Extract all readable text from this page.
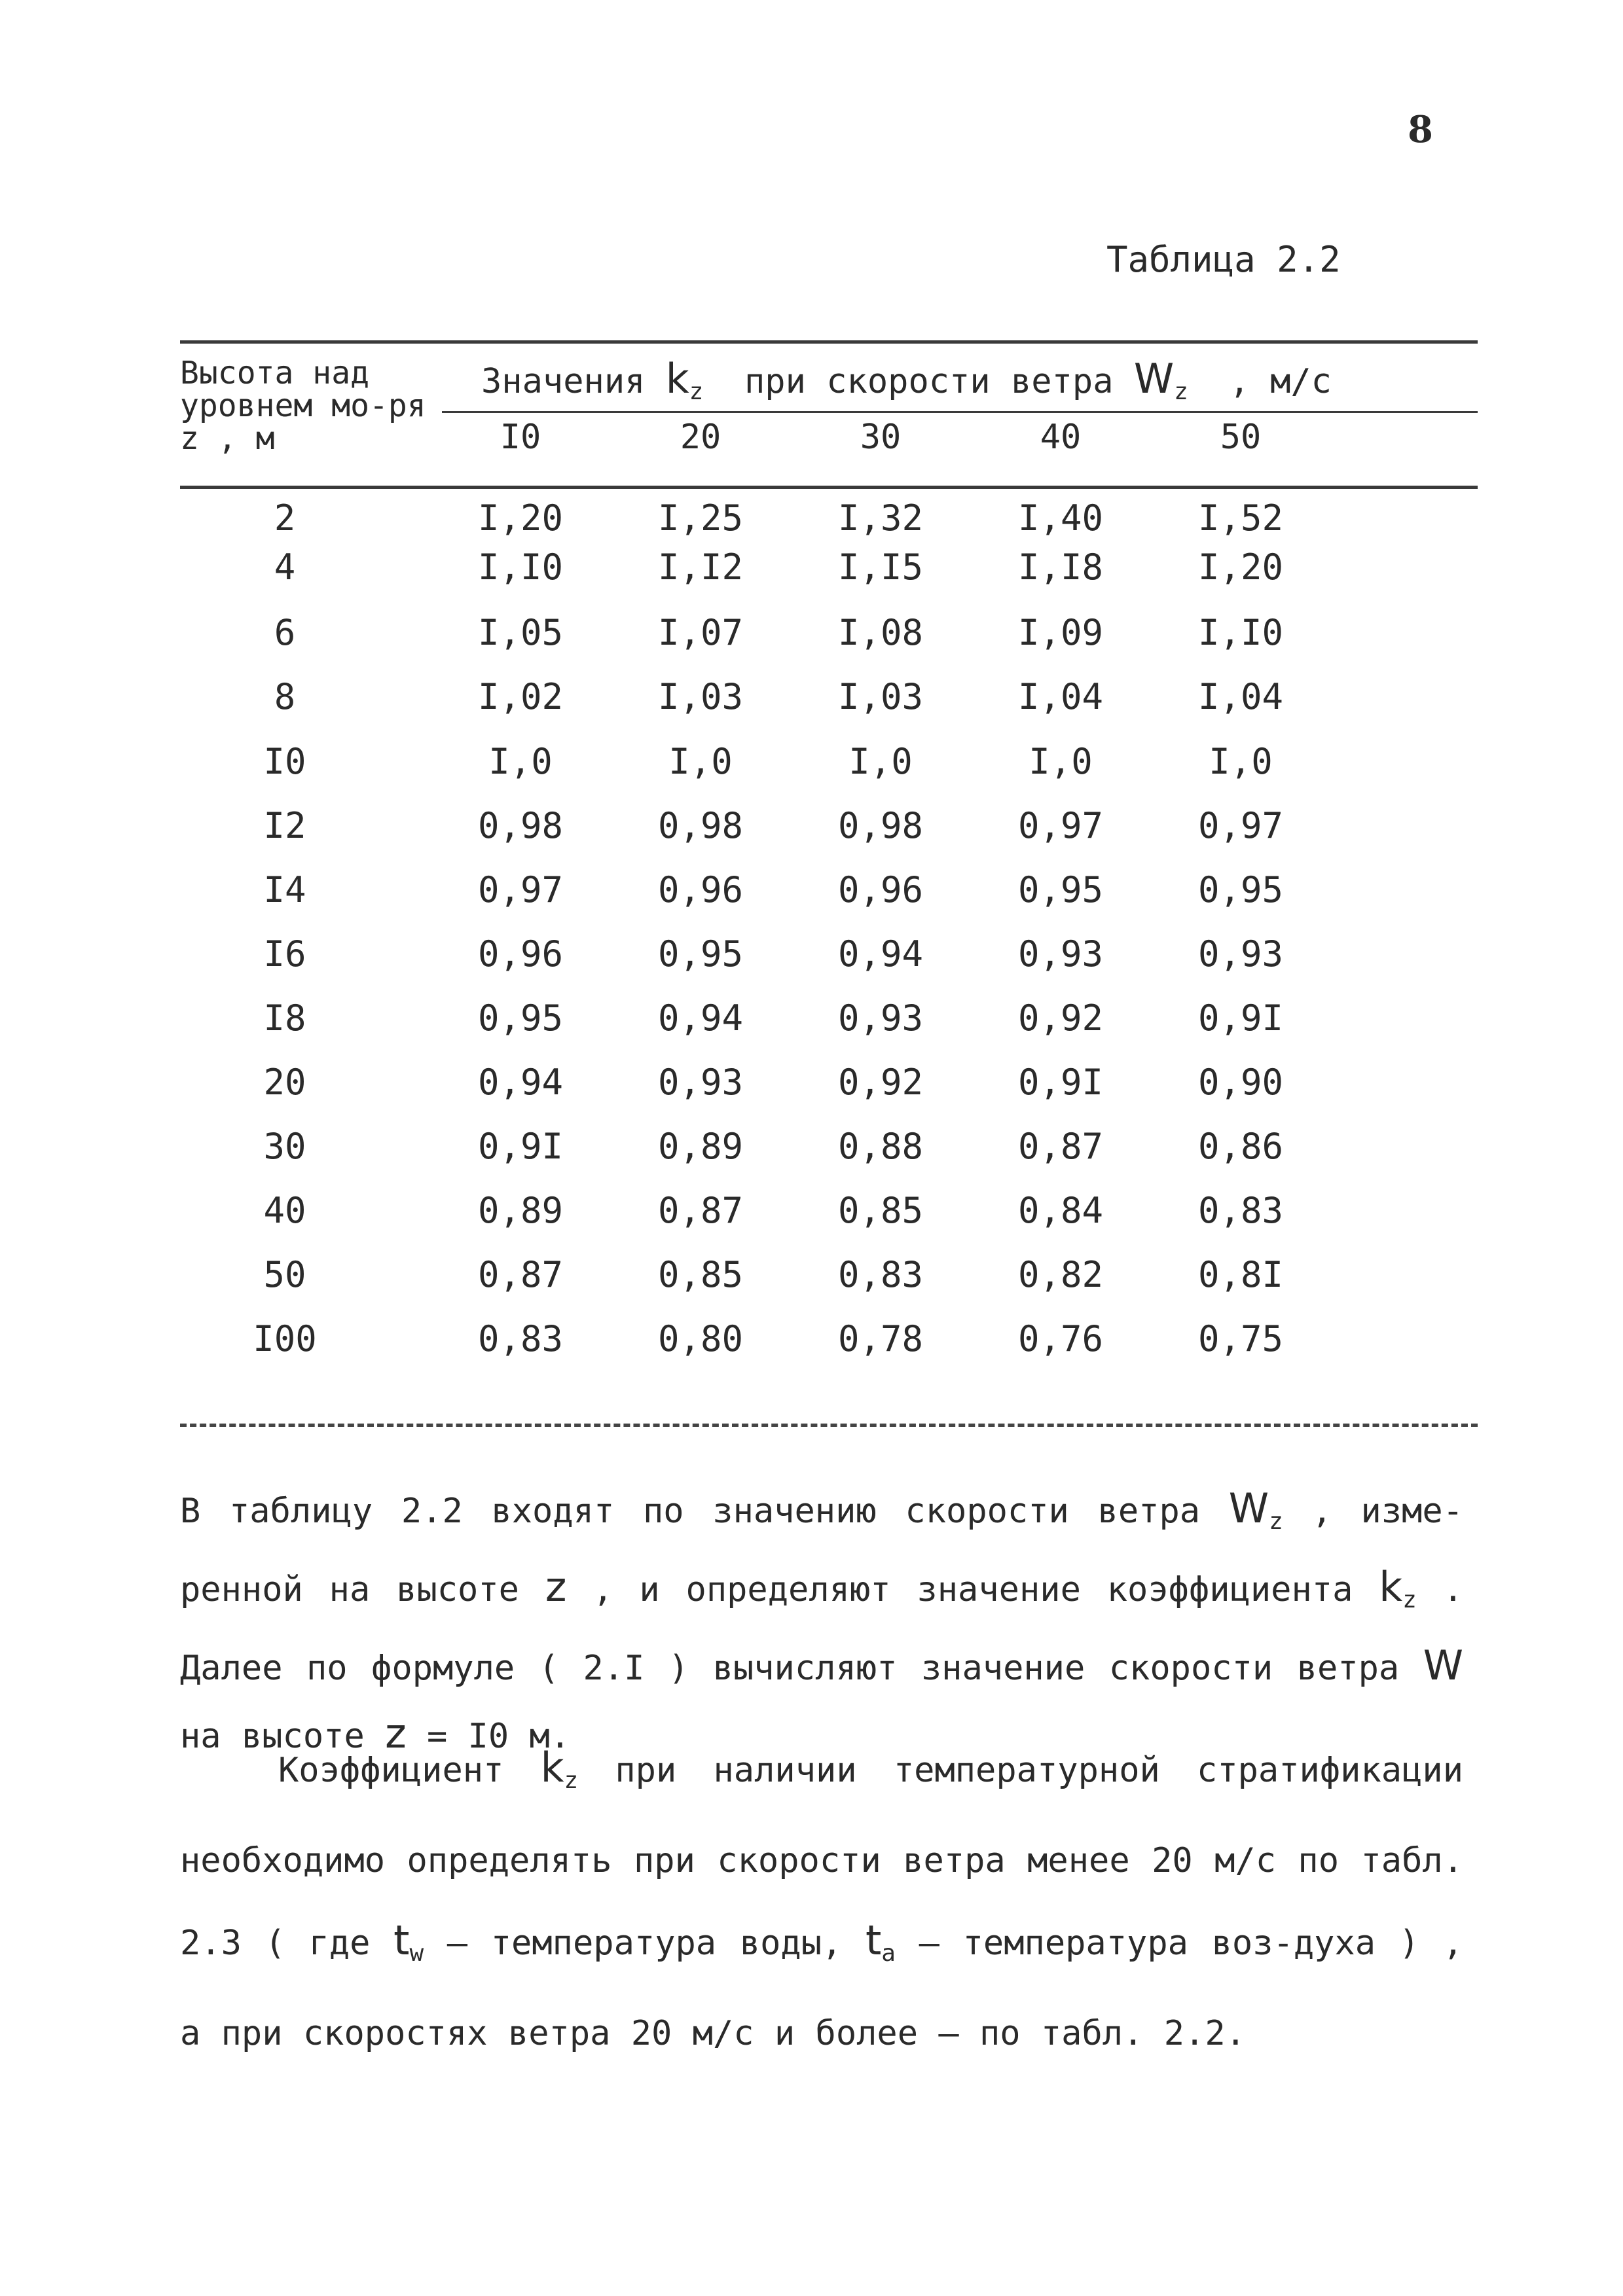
8
Таблица 2.2
Высота над уровнем мо-ря z , м
Значения $k_z$ при скорости ветра $W_z$ , м/с
I0	20	30	40	50
2	I,20	I,25	I,32	I,40	I,52
4	I,I0	I,I2	I,I5	I,I8	I,20
6	I,05	I,07	I,08	I,09	I,I0
8	I,02	I,03	I,03	I,04	I,04
I0	I,0	I,0	I,0	I,0	I,0
I2	0,98	0,98	0,98	0,97	0,97
I4	0,97	0,96	0,96	0,95	0,95
I6	0,96	0,95	0,94	0,93	0,93
I8	0,95	0,94	0,93	0,92	0,9I
20	0,94	0,93	0,92	0,9I	0,90
30	0,9I	0,89	0,88	0,87	0,86
40	0,89	0,87	0,85	0,84	0,83
50	0,87	0,85	0,83	0,82	0,8I
I00	0,83	0,80	0,78	0,76	0,75
В таблицу 2.2 входят по значению скорости ветра $W_z$ , изме-ренной на высоте z , и определяют значение коэффициента $k_z$ . Далее по формуле ( 2.I ) вычисляют значение скорости ветра W на высоте z = I0 м.
Коэффициент $k_z$ при наличии температурной стратификации необходимо определять при скорости ветра менее 20 м/с по табл. 2.3 ( где $t_w$ – температура воды, $t_a$ – температура воз-духа ) , а при скоростях ветра 20 м/с и более – по табл. 2.2.
